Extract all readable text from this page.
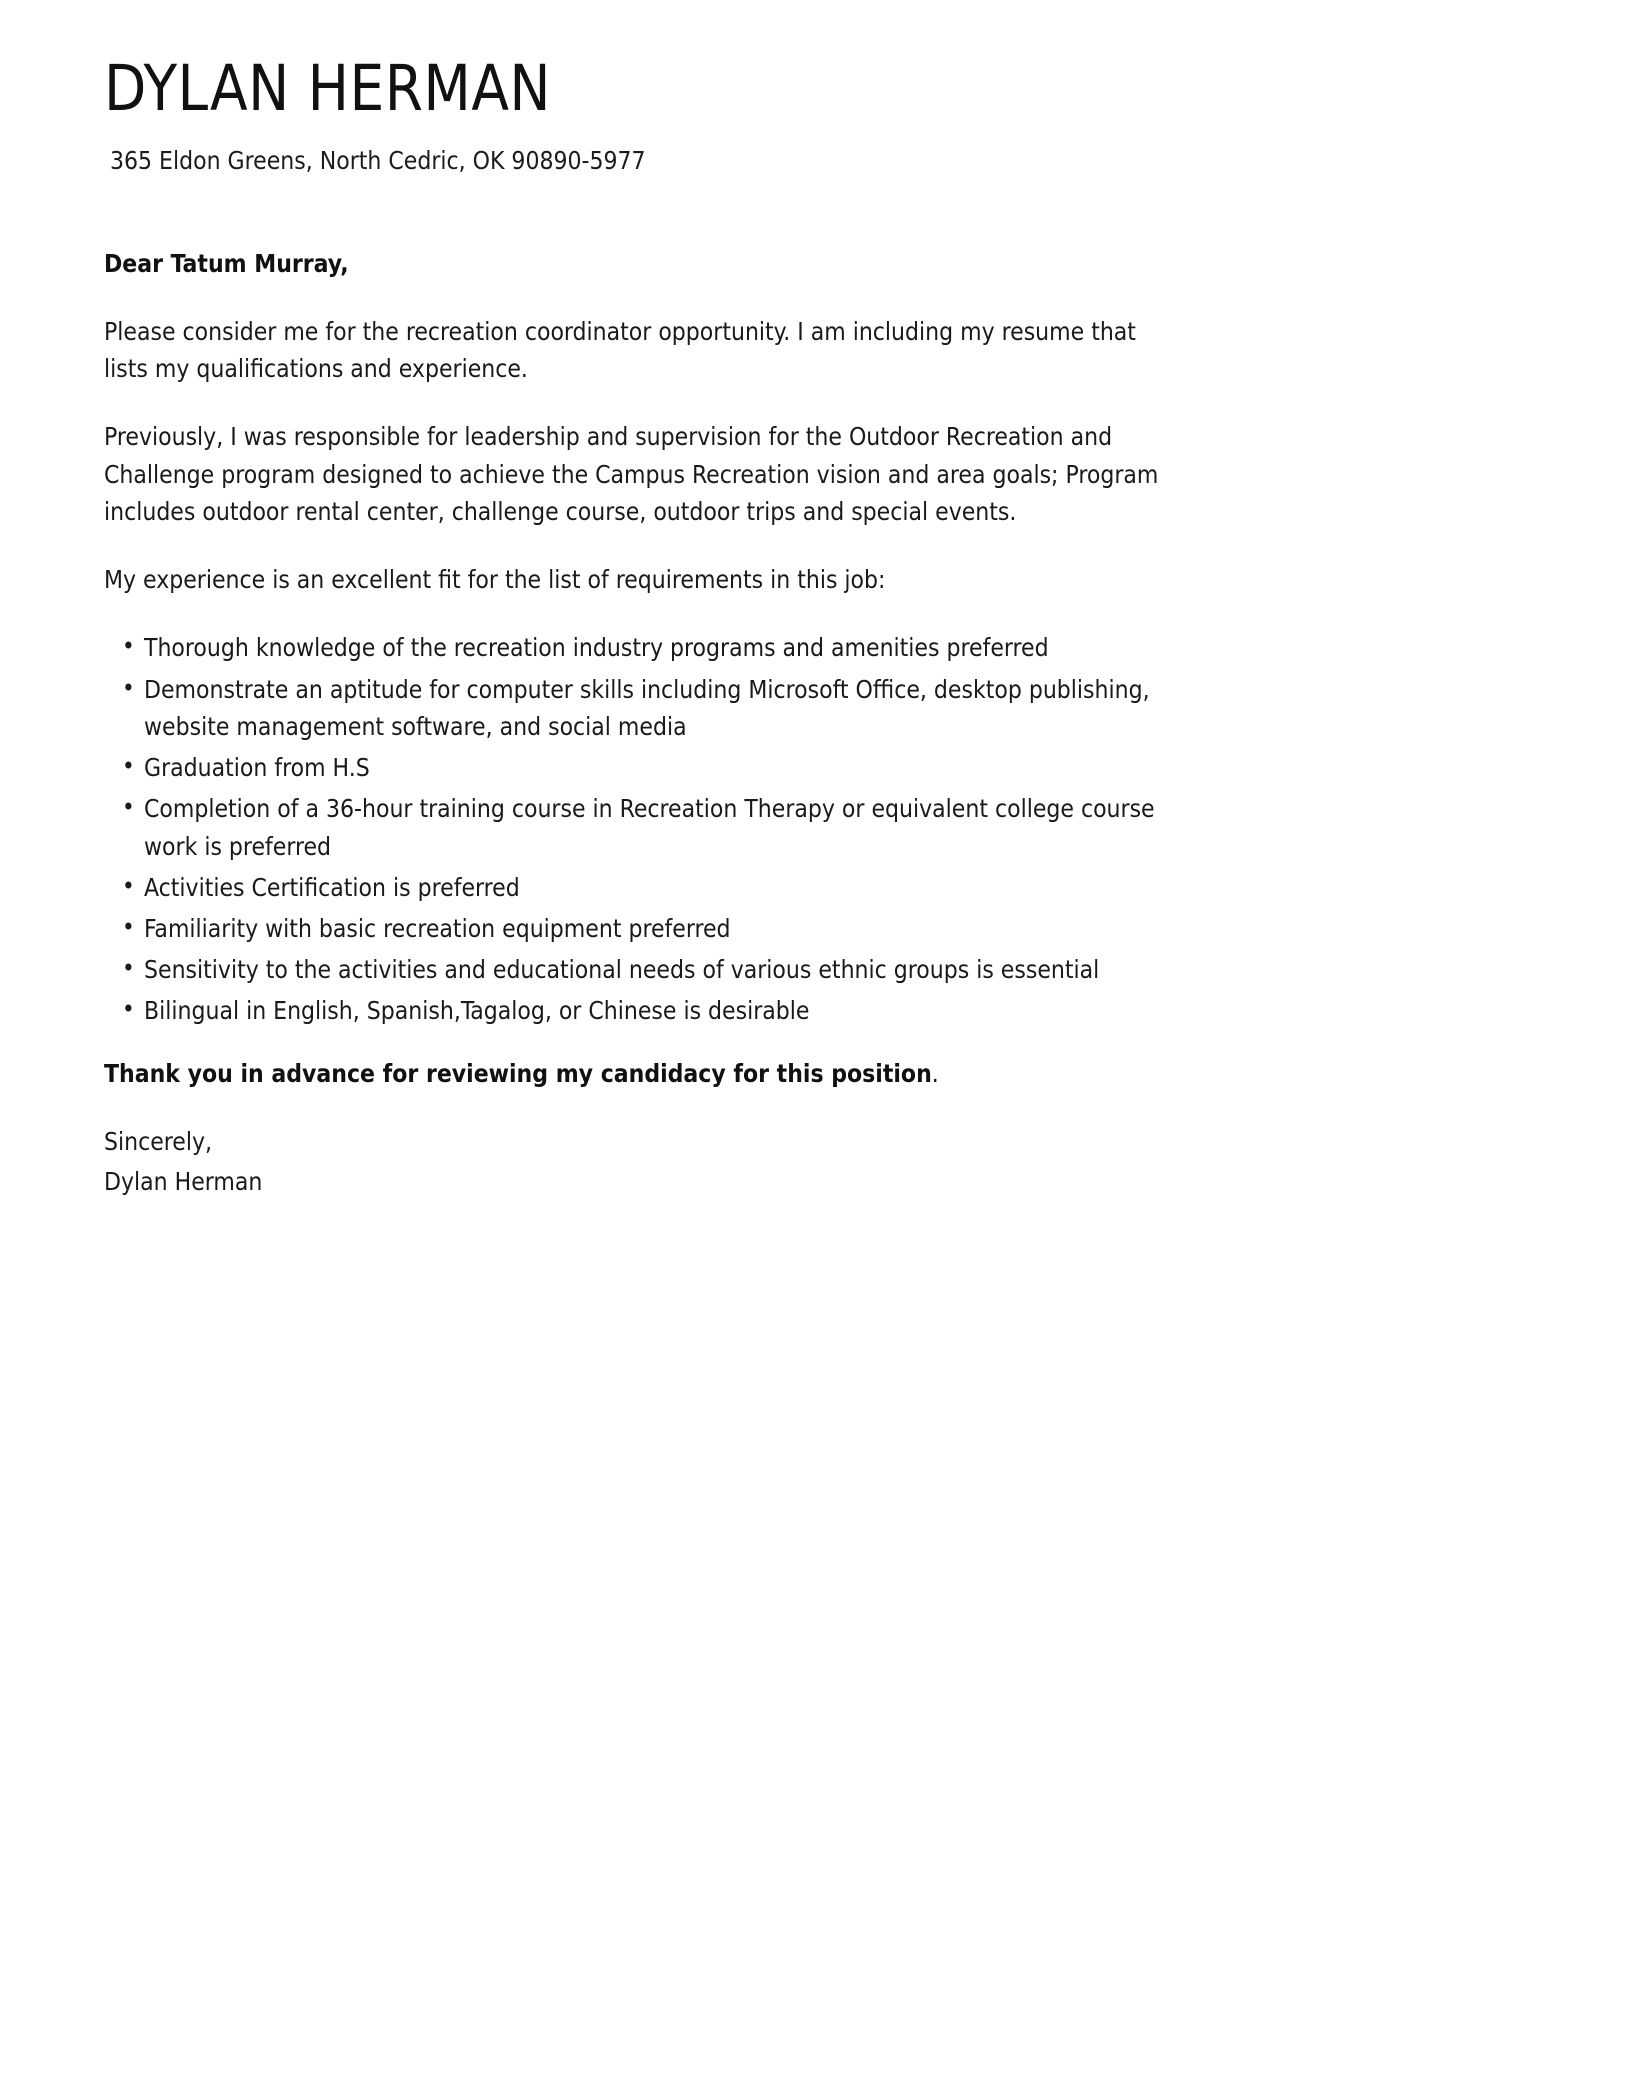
DYLAN HERMAN

365 Eldon Greens, North Cedric, OK 90890-5977

Dear Tatum Murray,

Please consider me for the recreation coordinator opportunity. I am including my resume that lists my qualifications and experience.

Previously, I was responsible for leadership and supervision for the Outdoor Recreation and Challenge program designed to achieve the Campus Recreation vision and area goals; Program includes outdoor rental center, challenge course, outdoor trips and special events.

My experience is an excellent fit for the list of requirements in this job:

• Thorough knowledge of the recreation industry programs and amenities preferred
• Demonstrate an aptitude for computer skills including Microsoft Office, desktop publishing, website management software, and social media
• Graduation from H.S
• Completion of a 36-hour training course in Recreation Therapy or equivalent college course work is preferred
• Activities Certification is preferred
• Familiarity with basic recreation equipment preferred
• Sensitivity to the activities and educational needs of various ethnic groups is essential
• Bilingual in English, Spanish,Tagalog, or Chinese is desirable

Thank you in advance for reviewing my candidacy for this position.

Sincerely,
Dylan Herman
